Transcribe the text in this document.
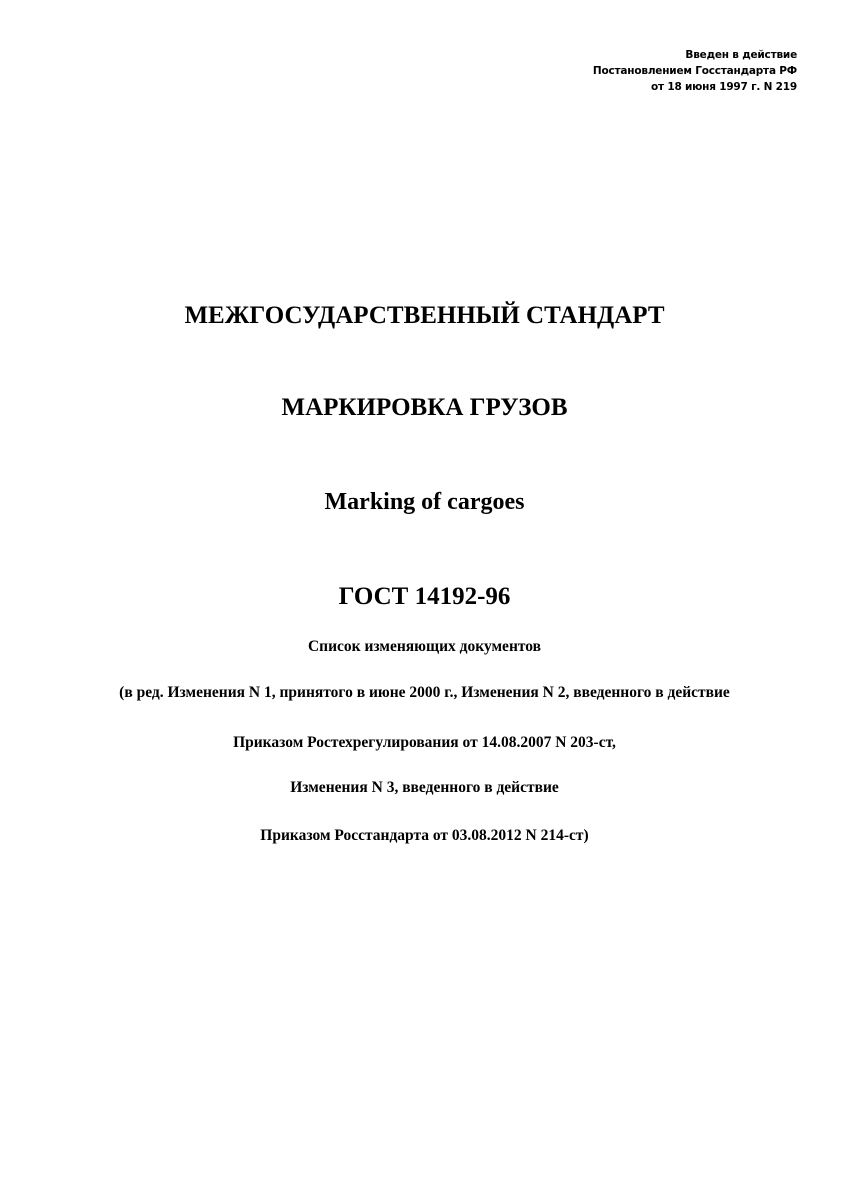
Введен в действие
Постановлением Госстандарта РФ
от 18 июня 1997 г. N 219
МЕЖГОСУДАРСТВЕННЫЙ СТАНДАРТ
МАРКИРОВКА ГРУЗОВ
Marking of cargoes
ГОСТ 14192-96
Список изменяющих документов
(в ред. Изменения N 1, принятого в июне 2000 г., Изменения N 2, введенного в действие
Приказом Ростехрегулирования от 14.08.2007 N 203-ст,
Изменения N 3, введенного в действие
Приказом Росстандарта от 03.08.2012 N 214-ст)
